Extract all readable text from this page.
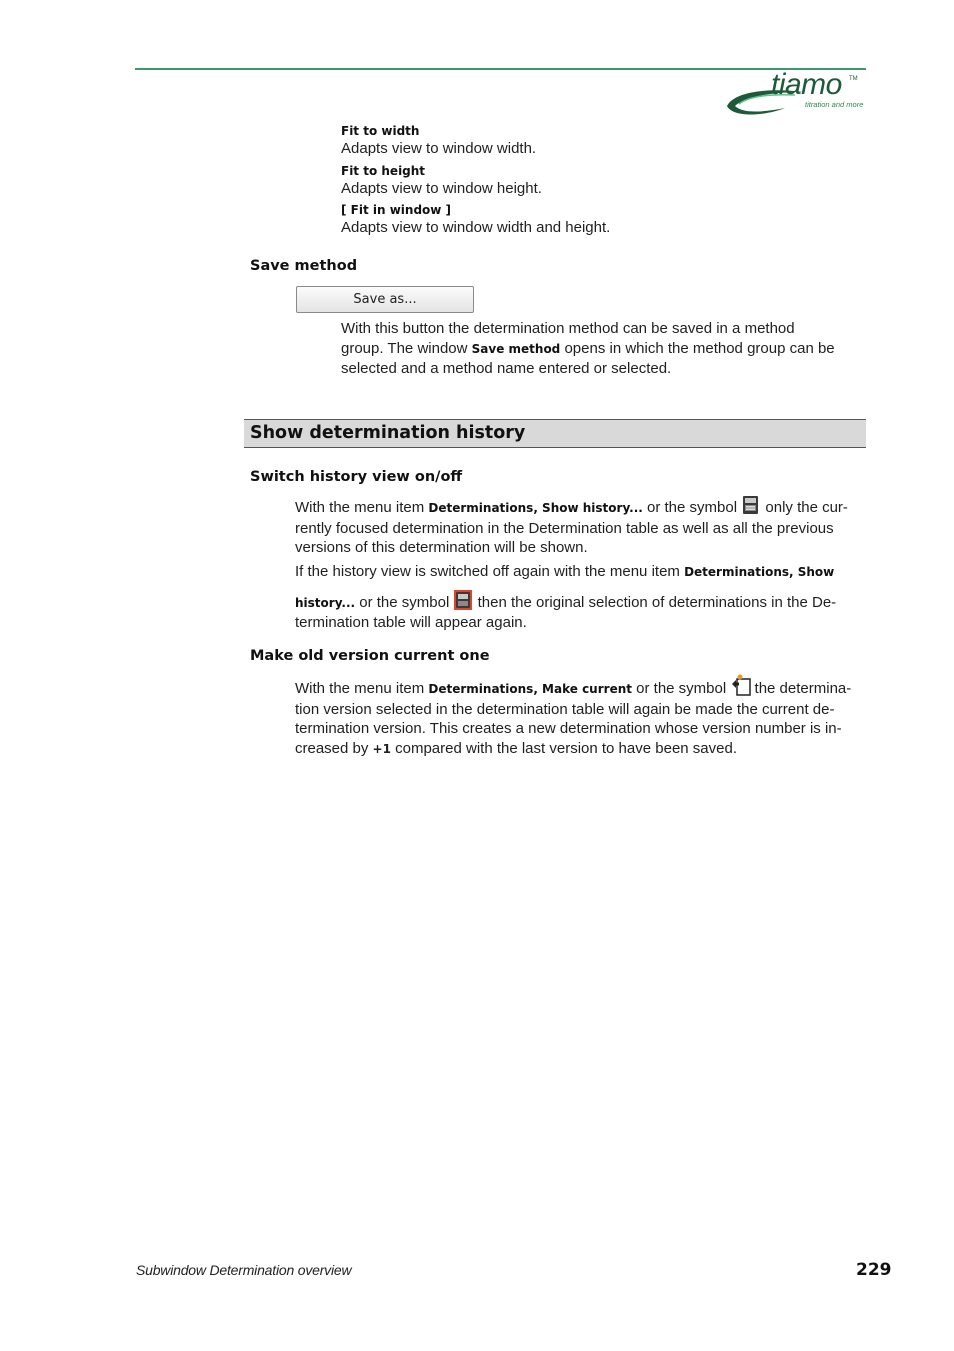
tiamo TM
titration and more
Fit to width
Adapts view to window width.
Fit to height
Adapts view to window height.
[ Fit in window ]
Adapts view to window width and height.
Save method
Save as...
With this button the determination method can be saved in a method
group. The window Save method opens in which the method group can be
selected and a method name entered or selected.
Show determination history
Switch history view on/off
With the menu item Determinations, Show history... or the symbol  only the cur-
rently focused determination in the Determination table as well as all the previous
versions of this determination will be shown.
If the history view is switched off again with the menu item Determinations, Show
history... or the symbol  then the original selection of determinations in the De-
termination table will appear again.
Make old version current one
With the menu item Determinations, Make current or the symbol  the determina-
tion version selected in the determination table will again be made the current de-
termination version. This creates a new determination whose version number is in-
creased by +1 compared with the last version to have been saved.
Subwindow Determination overview	229
